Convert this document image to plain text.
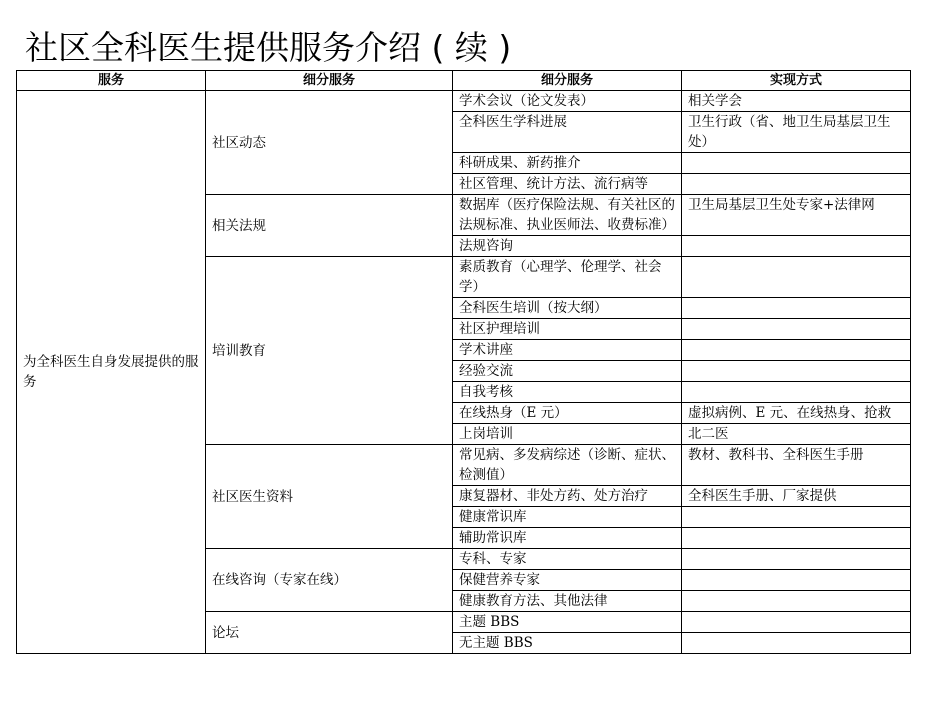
社区全科医生提供服务介绍 ( 续 )
服务	细分服务	细分服务	实现方式
为全科医生自身发展提供的服务	社区动态	学术会议（论文发表）	相关学会
		全科医生学科进展	卫生行政（省、地卫生局基层卫生处）
		科研成果、新药推介	
		社区管理、统计方法、流行病等	
	相关法规	数据库（医疗保险法规、有关社区的法规标准、执业医师法、收费标准）	卫生局基层卫生处专家+法律网
		法规咨询	
	培训教育	素质教育（心理学、伦理学、社会学）	
		全科医生培训（按大纲）	
		社区护理培训	
		学术讲座	
		经验交流	
		自我考核	
		在线热身（E 元）	虚拟病例、E 元、在线热身、抢救
		上岗培训	北二医
	社区医生资料	常见病、多发病综述（诊断、症状、检测值）	教材、教科书、全科医生手册
		康复器材、非处方药、处方治疗	全科医生手册、厂家提供
		健康常识库	
		辅助常识库	
	在线咨询（专家在线）	专科、专家	
		保健营养专家	
		健康教育方法、其他法律	
	论坛	主题 BBS	
		无主题 BBS	
